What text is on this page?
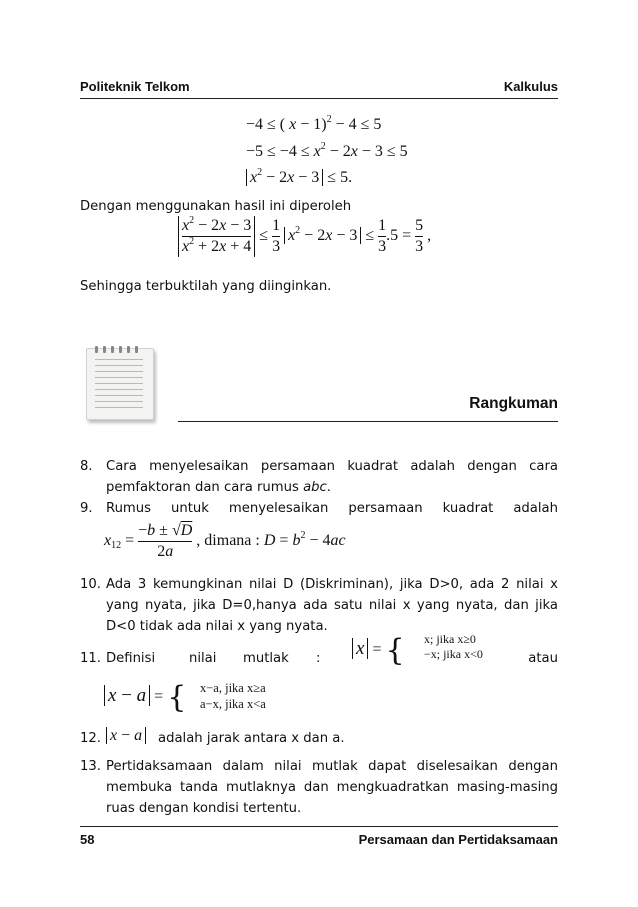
Politeknik Telkom	Kalkulus
−4 ≤ ( x − 1)$^2$ − 4 ≤ 5
$-5 \le -4 \le x^2 - 2x - 3 \le 5$
$x^2 - 2x - 3 \le 5$.
Dengan menggunakan hasil ini diperoleh
$\frac{x^2 - 2x - 3}{x^2 + 2x + 4} \le \frac{1}{3} x^2 - 2x - 3 \le \frac{1}{3} .5 = \frac{5}{3}$ ,
Sehingga terbuktilah yang diinginkan.
Rangkuman
8. Cara menyelesaikan persamaan kuadrat adalah dengan cara
pemfaktoran dan cara rumus abc.
9. Rumus untuk menyelesaikan persamaan kuadrat adalah
$x_{12} = \frac{-b \pm √D}{2a}$ , dimana : $D = b^2 - 4ac$
10. Ada 3 kemungkinan nilai D (Diskriminan), jika D>0, ada 2 nilai x
yang nyata, jika D=0,hanya ada satu nilai x yang nyata, dan jika
D<0 tidak ada nilai x yang nyata.
11. Definisi	nilai mutlak : x = { x; jika x≥0
−x; jika x<0	atau
x − a = { x−a, jika x≥a
a−x, jika x<a
12. x − a	adalah jarak antara x dan a.
13. Pertidaksamaan dalam nilai mutlak dapat diselesaikan dengan
membuka tanda mutlaknya dan mengkuadratkan masing-masing
ruas dengan kondisi tertentu.
58	Persamaan dan Pertidaksamaan
